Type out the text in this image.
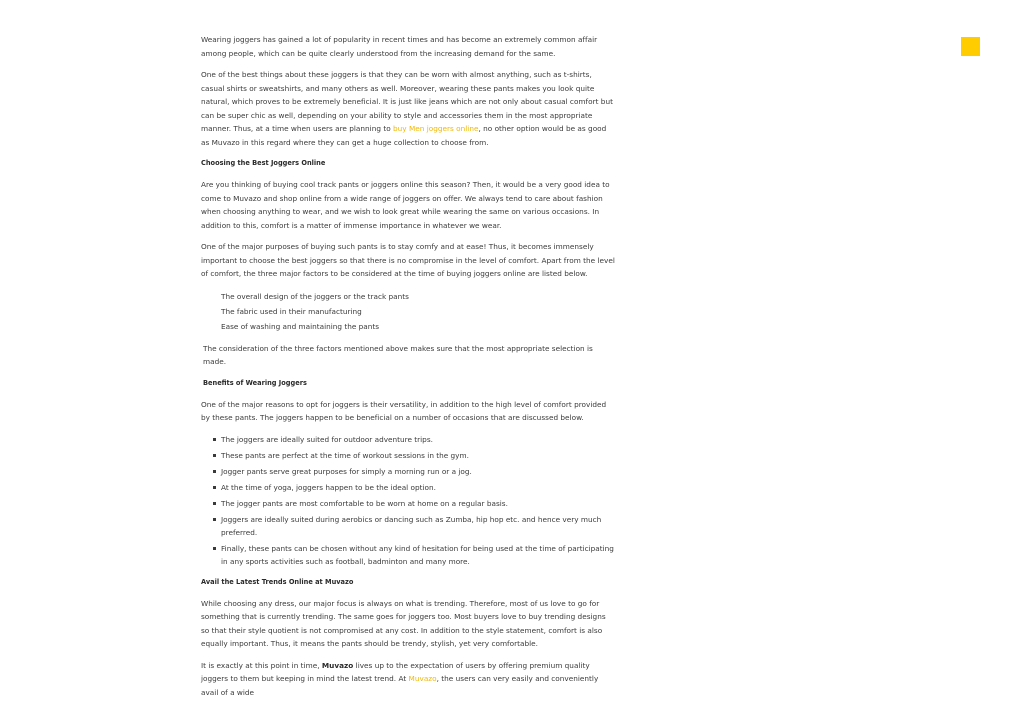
Wearing joggers has gained a lot of popularity in recent times and has become an extremely common affair among people, which can be quite clearly understood from the increasing demand for the same.

One of the best things about these joggers is that they can be worn with almost anything, such as t-shirts, casual shirts or sweatshirts, and many others as well. Moreover, wearing these pants makes you look quite natural, which proves to be extremely beneficial. It is just like jeans which are not only about casual comfort but can be super chic as well, depending on your ability to style and accessories them in the most appropriate manner. Thus, at a time when users are planning to buy Men joggers online, no other option would be as good as Muvazo in this regard where they can get a huge collection to choose from.

Choosing the Best Joggers Online

Are you thinking of buying cool track pants or joggers online this season? Then, it would be a very good idea to come to Muvazo and shop online from a wide range of joggers on offer. We always tend to care about fashion when choosing anything to wear, and we wish to look great while wearing the same on various occasions. In addition to this, comfort is a matter of immense importance in whatever we wear.

One of the major purposes of buying such pants is to stay comfy and at ease! Thus, it becomes immensely important to choose the best joggers so that there is no compromise in the level of comfort. Apart from the level of comfort, the three major factors to be considered at the time of buying joggers online are listed below.

The overall design of the joggers or the track pants
The fabric used in their manufacturing
Ease of washing and maintaining the pants

The consideration of the three factors mentioned above makes sure that the most appropriate selection is made.

Benefits of Wearing Joggers

One of the major reasons to opt for joggers is their versatility, in addition to the high level of comfort provided by these pants. The joggers happen to be beneficial on a number of occasions that are discussed below.

The joggers are ideally suited for outdoor adventure trips.
These pants are perfect at the time of workout sessions in the gym.
Jogger pants serve great purposes for simply a morning run or a jog.
At the time of yoga, joggers happen to be the ideal option.
The jogger pants are most comfortable to be worn at home on a regular basis.
Joggers are ideally suited during aerobics or dancing such as Zumba, hip hop etc. and hence very much preferred.
Finally, these pants can be chosen without any kind of hesitation for being used at the time of participating in any sports activities such as football, badminton and many more.
Avail the Latest Trends Online at Muvazo

While choosing any dress, our major focus is always on what is trending. Therefore, most of us love to go for something that is currently trending. The same goes for joggers too. Most buyers love to buy trending designs so that their style quotient is not compromised at any cost. In addition to the style statement, comfort is also equally important. Thus, it means the pants should be trendy, stylish, yet very comfortable.

It is exactly at this point in time, Muvazo lives up to the expectation of users by offering premium quality joggers to them but keeping in mind the latest trend. At Muvazo, the users can very easily and conveniently avail of a wide
